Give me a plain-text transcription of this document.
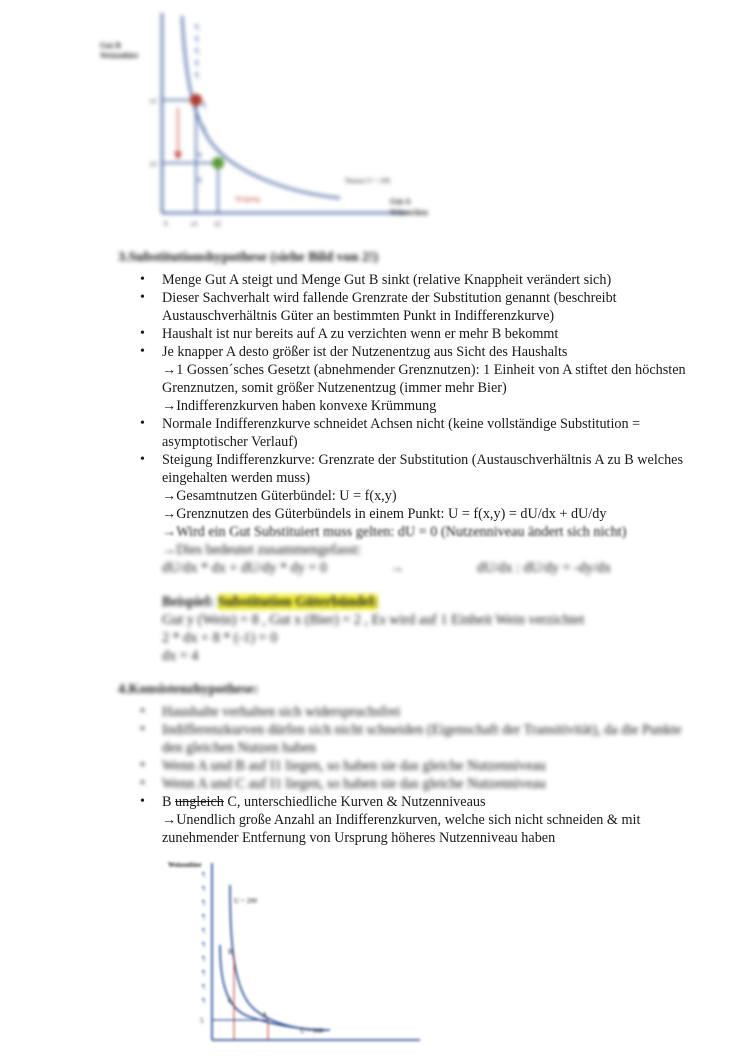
Gut B
Weizenbier
¶
¶
¶
¶
¶
¶
¶
¶
¶
y1
y2
x1 x2
0
Steigung
Nutzen U = 100
Gut A
Würstchen
3.Substitutionshypothese (siehe Bild von 2!)
• Menge Gut A steigt und Menge Gut B sinkt (relative Knappheit verändert sich)
• Dieser Sachverhalt wird fallende Grenzrate der Substitution genannt (beschreibt
Austauschverhältnis Güter an bestimmten Punkt in Indifferenzkurve)
• Haushalt ist nur bereits auf A zu verzichten wenn er mehr B bekommt
• Je knapper A desto größer ist der Nutzenentzug aus Sicht des Haushalts
→1 Gossen´sches Gesetzt (abnehmender Grenznutzen): 1 Einheit von A stiftet den höchsten
Grenznutzen, somit größer Nutzenentzug (immer mehr Bier)
→Indifferenzkurven haben konvexe Krümmung
• Normale Indifferenzkurve schneidet Achsen nicht (keine vollständige Substitution =
asymptotischer Verlauf)
• Steigung Indifferenzkurve: Grenzrate der Substitution (Austauschverhältnis A zu B welches
eingehalten werden muss)
→Gesamtnutzen Güterbündel: U = f(x,y)
→Grenznutzen des Güterbündels in einem Punkt: U = f(x,y) = dU/dx + dU/dy
→Wird ein Gut Substituiert muss gelten: dU = 0 (Nutzenniveau ändert sich nicht)
→Dies bedeutet zusammengefasst:
dU/dx * dx + dU/dy * dy = 0	→	dU/dx : dU/dy = -dy/dx
Beispiel: Substitution Güterbündel:
Gut y (Wein) = 8 , Gut x (Bier) = 2 , Es wird auf 1 Einheit Wein verzichtet
2 * dx + 8 * (-1) = 0
dx = 4
4.Konsistenzhypothese:
• Haushalte verhalten sich widerspruchsfrei
• Indifferenzkurven dürfen sich nicht schneiden (Eigenschaft der Transitivität), da die Punkte
den gleichen Nutzen haben
• Wenn A und B auf I1 liegen, so haben sie das gleiche Nutzenniveau
• Wenn A und C auf I1 liegen, so haben sie das gleiche Nutzenniveau
• B ungleich C, unterschiedliche Kurven & Nutzenniveaus
→Unendlich große Anzahl an Indifferenzkurven, welche sich nicht schneiden & mit
zunehmender Entfernung von Ursprung höheres Nutzenniveau haben
Weizenbier
¶
¶
¶
¶
¶
¶
¶
¶
¶
¶
U = 200
U = 100
B
C
A
5
